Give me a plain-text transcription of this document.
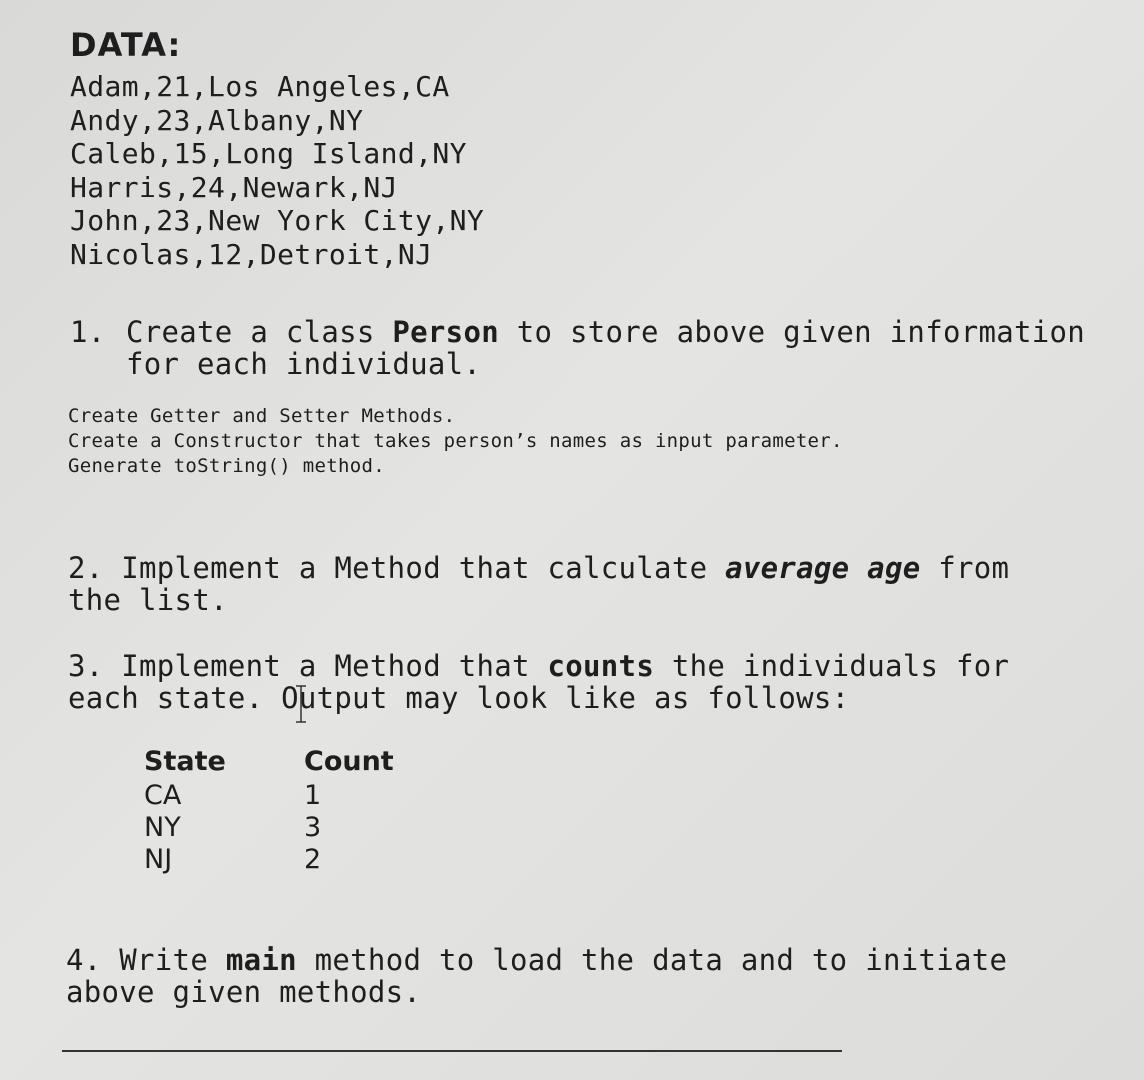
DATA:
Adam,21,Los Angeles,CA
Andy,23,Albany,NY
Caleb,15,Long Island,NY
Harris,24,Newark,NJ
John,23,New York City,NY
Nicolas,12,Detroit,NJ

1. Create a class Person to store above given information
for each individual.

Create Getter and Setter Methods.
Create a Constructor that takes person’s names as input parameter.
Generate toString() method.

2. Implement a Method that calculate average age from the list.

3. Implement a Method that counts the individuals for each state. Output may look like as follows:

State	Count
CA	1
NY	3
NJ	2

4. Write main method to load the data and to initiate above given methods.
